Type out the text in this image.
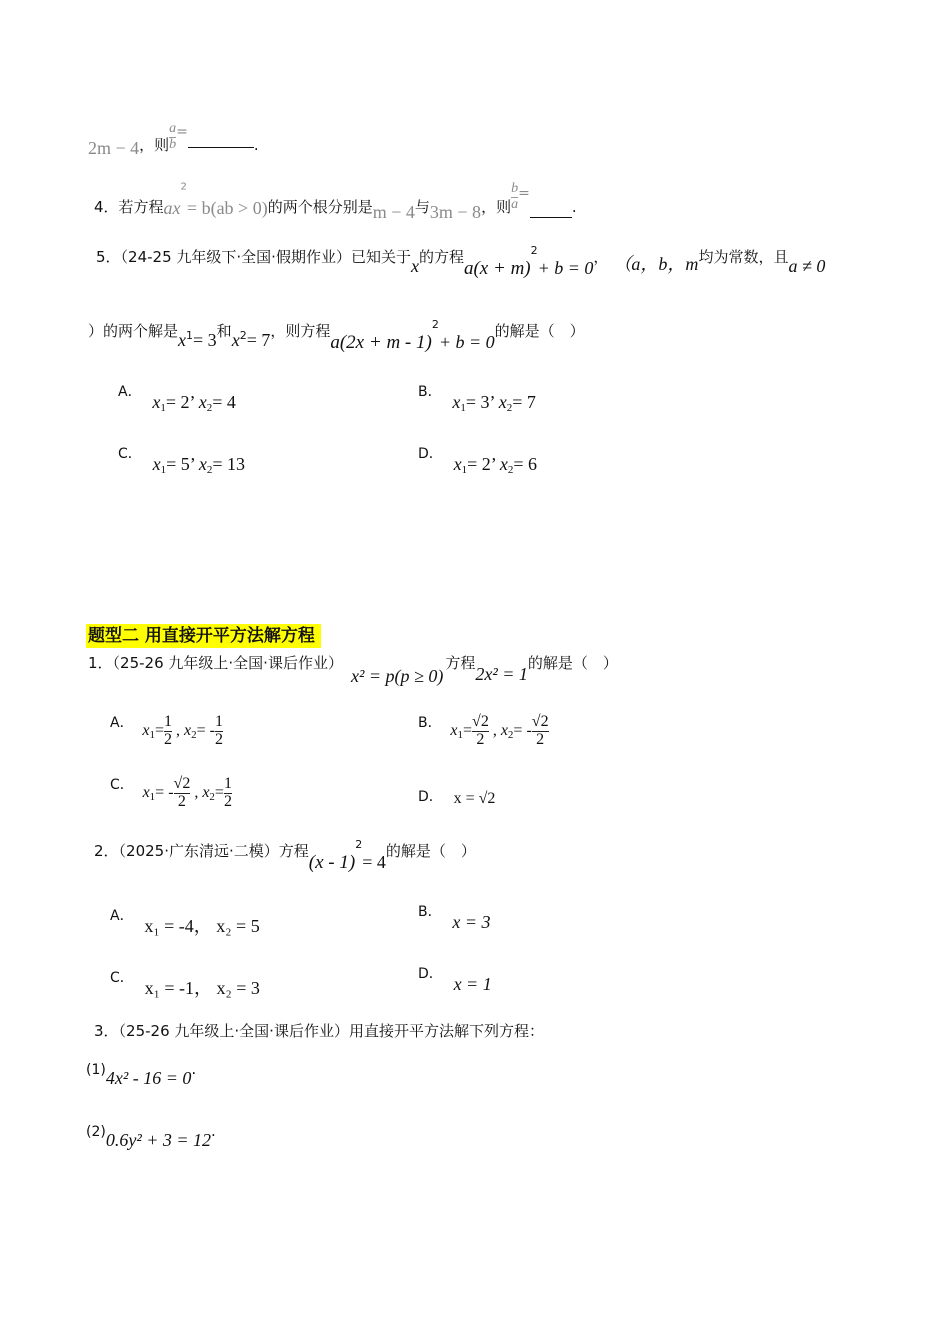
2m − 4，则 $\frac{a}{b}$ =.
4．若方程$ax^2= b(ab > 0)$的两个根分别是m − 4与3m − 8，则 $\frac{b}{a}$ =.
5．（24-25 九年级下·全国·假期作业）已知关于x的方程$a(x + m)^2+ b = 0$， （a，b，m均为常数，且a ≠ 0
）的两个解是$x_1= 3$和$x_2= 7$，则方程$a(2x + m - 1)^2+ b = 0$的解是（　）
A． $x_1= 2$’ $x_2= 4$	B． $x_1= 3$’ $x_2= 7$
C． $x_1= 5$’ $x_2= 13$	D． $x_1= 2$’ $x_2= 6$
题型二 用直接开平方法解方程
1．（25-26 九年级上·全国·课后作业）x² = p(p ≥ 0)方程2x² = 1的解是（　）
A． $x_1= \frac{1}{2}$ , $x_2= - \frac{1}{2}$	B． $x_1= \frac{√2}{2}$ , $x_2= - \frac{√2}{2}$
C． $x_1= - \frac{√2}{2}$ , $x_2= \frac{1}{2}$	D． x = √2
2．（2025·广东清远·二模）方程(x - 1)$^2$= 4的解是（　）
A． x₁ = -4， x₂ = 5
B． x = 3
C． x₁ = -1， x₂ = 3
D． x = 1
3．（25-26 九年级上·全国·课后作业）用直接开平方法解下列方程：
(1)4x² - 16 = 0.
(2)0.6y² + 3 = 12.
